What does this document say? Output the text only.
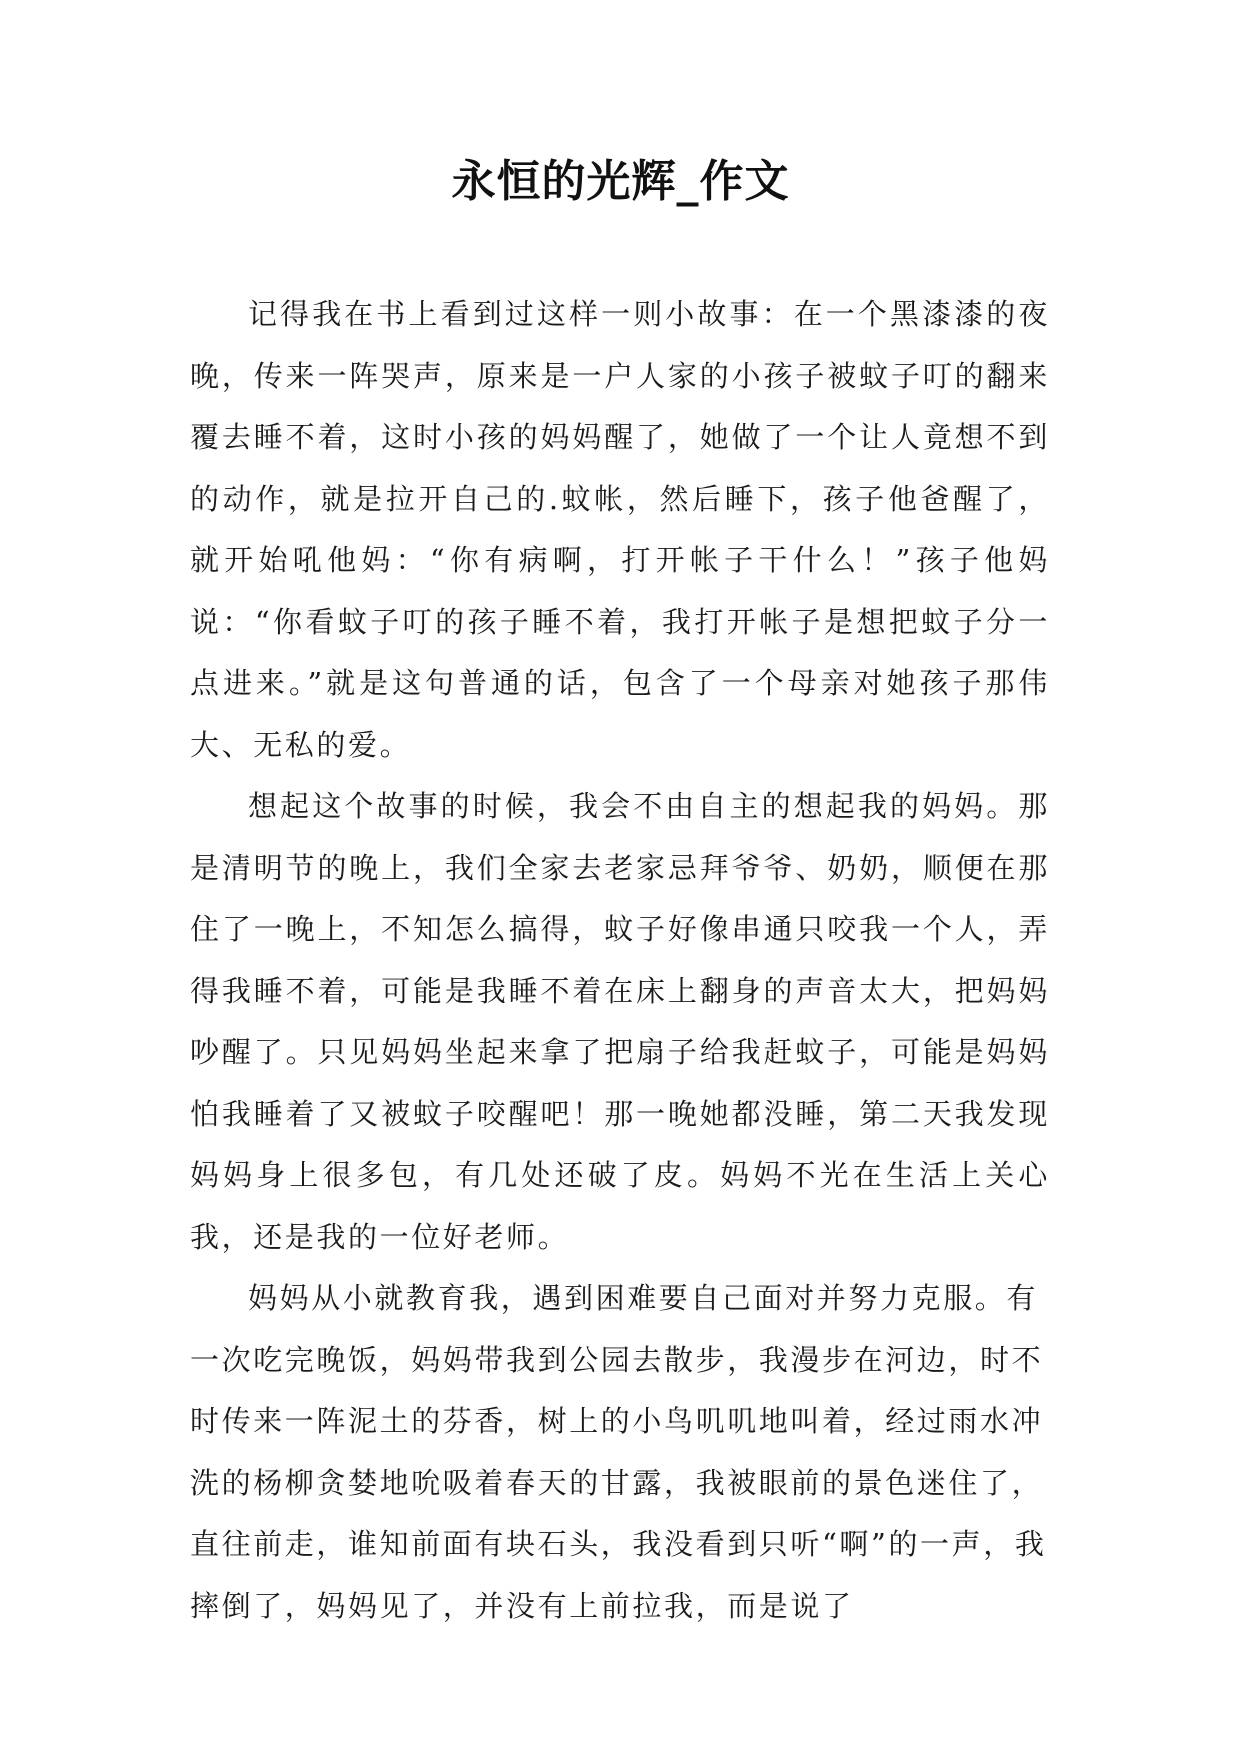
永恒的光辉_作文

记得我在书上看到过这样一则小故事：在一个黑漆漆的夜晚，传来一阵哭声，原来是一户人家的小孩子被蚊子叮的翻来覆去睡不着，这时小孩的妈妈醒了，她做了一个让人竟想不到的动作，就是拉开自己的.蚊帐，然后睡下，孩子他爸醒了，就开始吼他妈：“你有病啊，打开帐子干什么！”孩子他妈说：“你看蚊子叮的孩子睡不着，我打开帐子是想把蚊子分一点进来。”就是这句普通的话，包含了一个母亲对她孩子那伟大、无私的爱。

想起这个故事的时候，我会不由自主的想起我的妈妈。那是清明节的晚上，我们全家去老家忌拜爷爷、奶奶，顺便在那住了一晚上，不知怎么搞得，蚊子好像串通只咬我一个人，弄得我睡不着，可能是我睡不着在床上翻身的声音太大，把妈妈吵醒了。只见妈妈坐起来拿了把扇子给我赶蚊子，可能是妈妈怕我睡着了又被蚊子咬醒吧！那一晚她都没睡，第二天我发现妈妈身上很多包，有几处还破了皮。妈妈不光在生活上关心我，还是我的一位好老师。

妈妈从小就教育我，遇到困难要自己面对并努力克服。有一次吃完晚饭，妈妈带我到公园去散步，我漫步在河边，时不时传来一阵泥土的芬香，树上的小鸟叽叽地叫着，经过雨水冲洗的杨柳贪婪地吮吸着春天的甘露，我被眼前的景色迷住了，直往前走，谁知前面有块石头，我没看到只听“啊”的一声，我摔倒了，妈妈见了，并没有上前拉我，而是说了
